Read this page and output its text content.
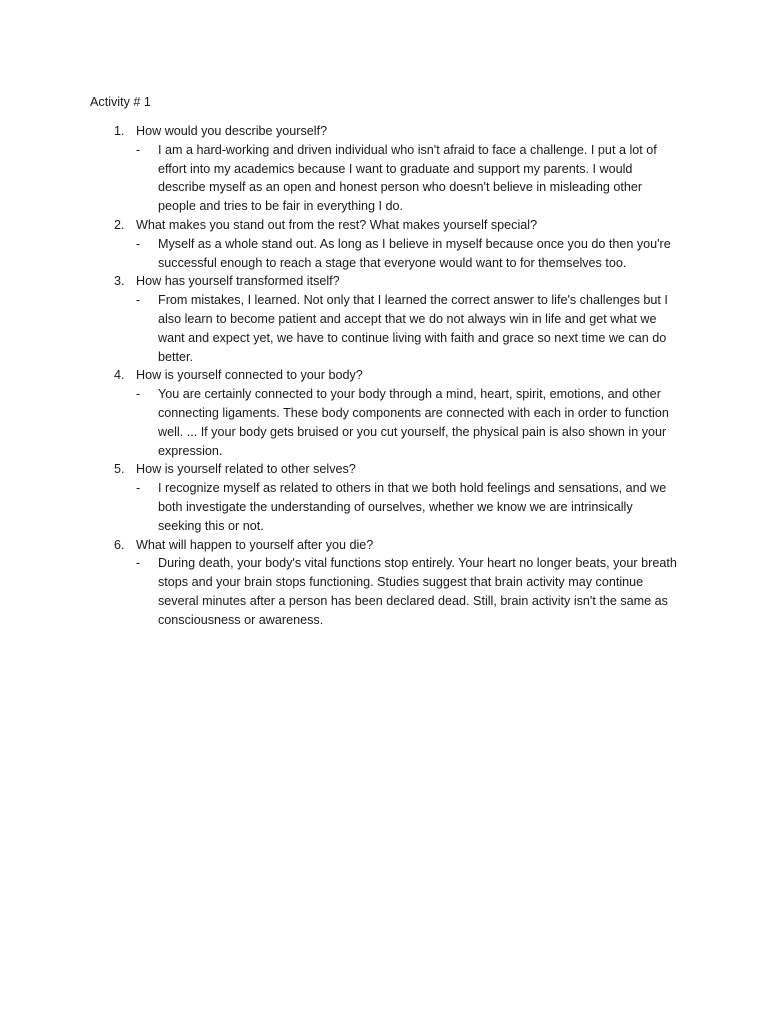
Activity # 1
1. How would you describe yourself?
- I am a hard-working and driven individual who isn't afraid to face a challenge. I put a lot of effort into my academics because I want to graduate and support my parents. I would describe myself as an open and honest person who doesn't believe in misleading other people and tries to be fair in everything I do.

2. What makes you stand out from the rest? What makes yourself special?
- Myself as a whole stand out. As long as I believe in myself because once you do then you're successful enough to reach a stage that everyone would want to for themselves too.

3. How has yourself transformed itself?
- From mistakes, I learned. Not only that I learned the correct answer to life's challenges but I also learn to become patient and accept that we do not always win in life and get what we want and expect yet, we have to continue living with faith and grace so next time we can do better.

4. How is yourself connected to your body?
- You are certainly connected to your body through a mind, heart, spirit, emotions, and other connecting ligaments. These body components are connected with each in order to function well. ... If your body gets bruised or you cut yourself, the physical pain is also shown in your expression.

5. How is yourself related to other selves?
- I recognize myself as related to others in that we both hold feelings and sensations, and we both investigate the understanding of ourselves, whether we know we are intrinsically seeking this or not.

6. What will happen to yourself after you die?
- During death, your body's vital functions stop entirely. Your heart no longer beats, your breath stops and your brain stops functioning. Studies suggest that brain activity may continue several minutes after a person has been declared dead. Still, brain activity isn't the same as consciousness or awareness.
